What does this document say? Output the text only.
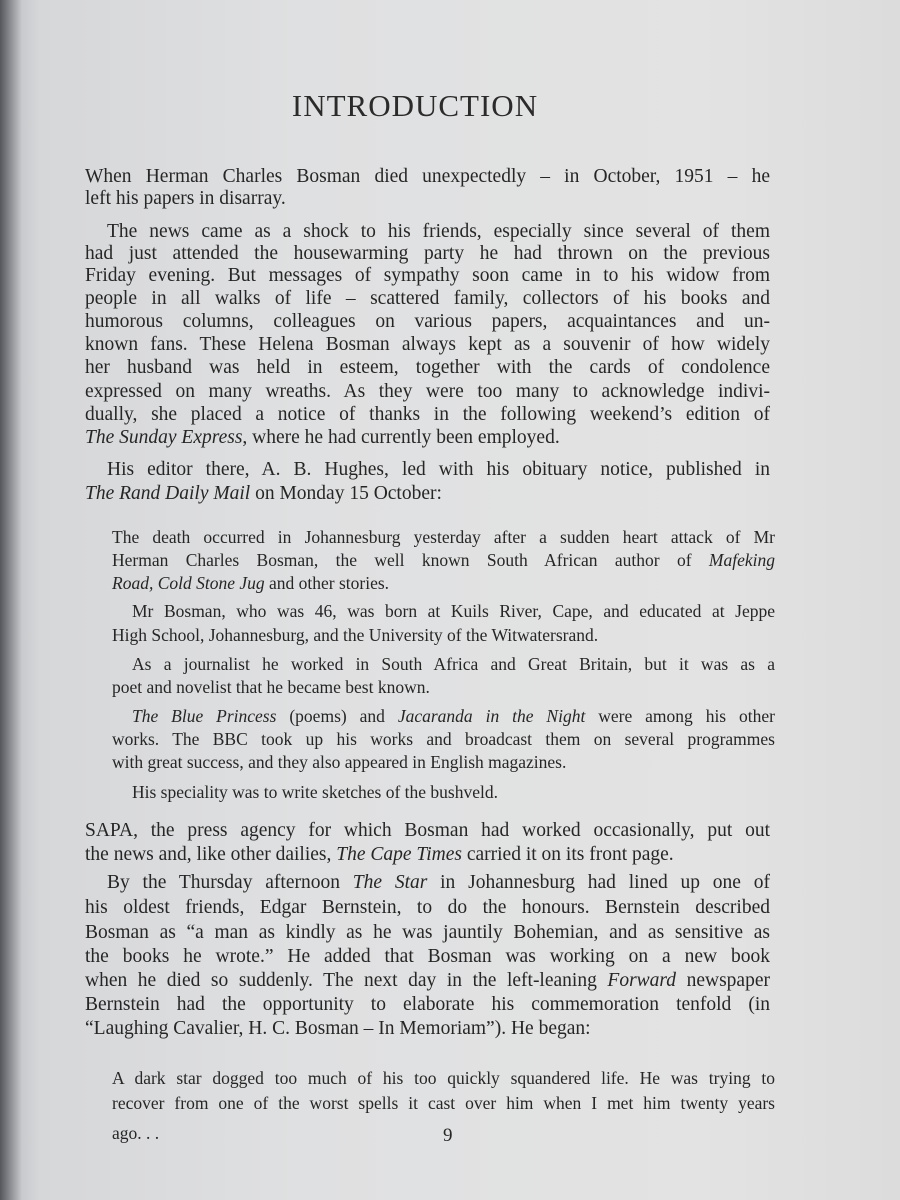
INTRODUCTION
When Herman Charles Bosman died unexpectedly – in October, 1951 – he
left his papers in disarray.
The news came as a shock to his friends, especially since several of them
had just attended the housewarming party he had thrown on the previous
Friday evening. But messages of sympathy soon came in to his widow from
people in all walks of life – scattered family, collectors of his books and
humorous columns, colleagues on various papers, acquaintances and un-
known fans. These Helena Bosman always kept as a souvenir of how widely
her husband was held in esteem, together with the cards of condolence
expressed on many wreaths. As they were too many to acknowledge indivi-
dually, she placed a notice of thanks in the following weekend’s edition of
The Sunday Express, where he had currently been employed.
His editor there, A. B. Hughes, led with his obituary notice, published in
The Rand Daily Mail on Monday 15 October:
The death occurred in Johannesburg yesterday after a sudden heart attack of Mr
Herman Charles Bosman, the well known South African author of Mafeking
Road, Cold Stone Jug and other stories.
Mr Bosman, who was 46, was born at Kuils River, Cape, and educated at Jeppe
High School, Johannesburg, and the University of the Witwatersrand.
As a journalist he worked in South Africa and Great Britain, but it was as a
poet and novelist that he became best known.
The Blue Princess (poems) and Jacaranda in the Night were among his other
works. The BBC took up his works and broadcast them on several programmes
with great success, and they also appeared in English magazines.
His speciality was to write sketches of the bushveld.
SAPA, the press agency for which Bosman had worked occasionally, put out
the news and, like other dailies, The Cape Times carried it on its front page.
By the Thursday afternoon The Star in Johannesburg had lined up one of
his oldest friends, Edgar Bernstein, to do the honours. Bernstein described
Bosman as “a man as kindly as he was jauntily Bohemian, and as sensitive as
the books he wrote.” He added that Bosman was working on a new book
when he died so suddenly. The next day in the left-leaning Forward newspaper
Bernstein had the opportunity to elaborate his commemoration tenfold (in
“Laughing Cavalier, H. C. Bosman – In Memoriam”). He began:
A dark star dogged too much of his too quickly squandered life. He was trying to
recover from one of the worst spells it cast over him when I met him twenty years
ago. . .	9
